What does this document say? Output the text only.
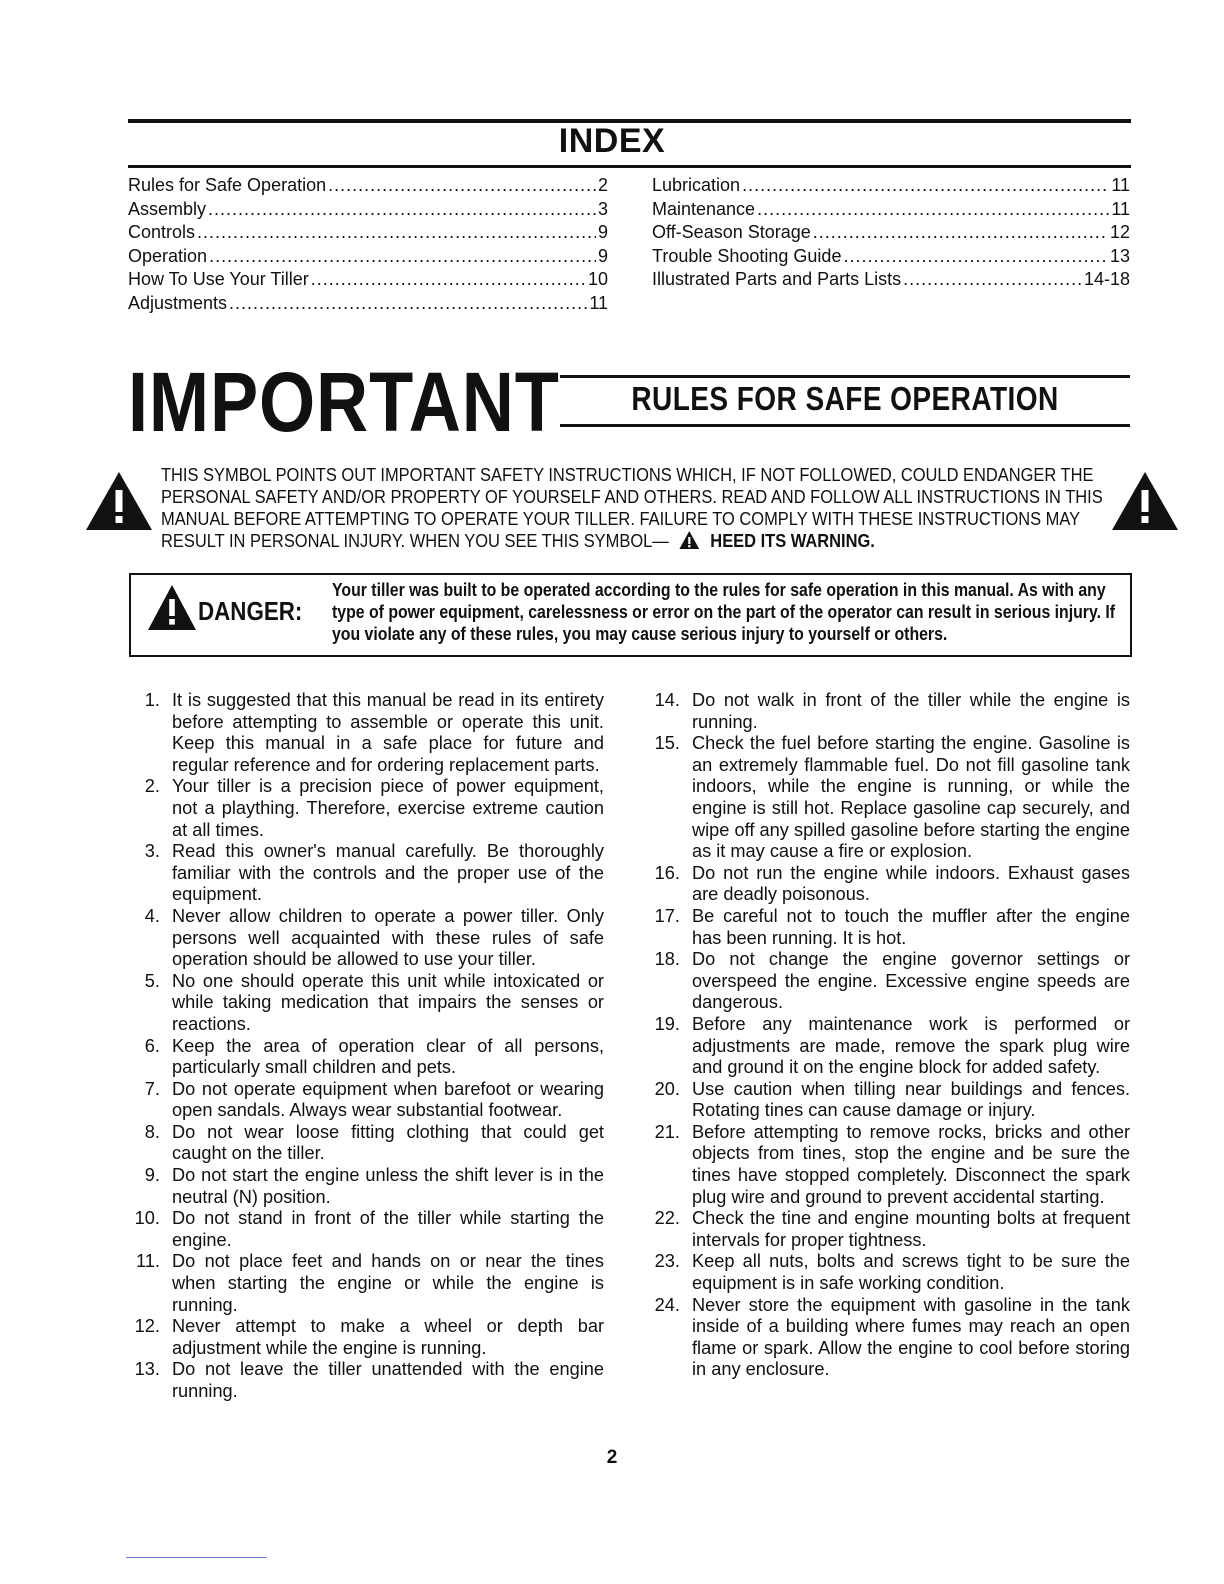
INDEX
Rules for Safe Operation .....	2
Assembly .....	3
Controls .....	9
Operation .....	9
How To Use Your Tiller .....	10
Adjustments .....	11
Lubrication .....	11
Maintenance .....	11
Off-Season Storage .....	12
Trouble Shooting Guide .....	13
Illustrated Parts and Parts Lists .....	14-18
IMPORTANT	RULES FOR SAFE OPERATION
THIS SYMBOL POINTS OUT IMPORTANT SAFETY INSTRUCTIONS WHICH, IF NOT FOLLOWED, COULD ENDANGER THE PERSONAL SAFETY AND/OR PROPERTY OF YOURSELF AND OTHERS. READ AND FOLLOW ALL INSTRUCTIONS IN THIS MANUAL BEFORE ATTEMPTING TO OPERATE YOUR TILLER. FAILURE TO COMPLY WITH THESE INSTRUCTIONS MAY RESULT IN PERSONAL INJURY. WHEN YOU SEE THIS SYMBOL— HEED ITS WARNING.
DANGER:
Your tiller was built to be operated according to the rules for safe operation in this manual. As with any type of power equipment, carelessness or error on the part of the operator can result in serious injury. If you violate any of these rules, you may cause serious injury to yourself or others.
1. It is suggested that this manual be read in its entirety before attempting to assemble or operate this unit. Keep this manual in a safe place for future and regular reference and for ordering replacement parts.
2. Your tiller is a precision piece of power equipment, not a plaything. Therefore, exercise extreme caution at all times.
3. Read this owner's manual carefully. Be thoroughly familiar with the controls and the proper use of the equipment.
4. Never allow children to operate a power tiller. Only persons well acquainted with these rules of safe operation should be allowed to use your tiller.
5. No one should operate this unit while intoxicated or while taking medication that impairs the senses or reactions.
6. Keep the area of operation clear of all persons, particularly small children and pets.
7. Do not operate equipment when barefoot or wearing open sandals. Always wear substantial footwear.
8. Do not wear loose fitting clothing that could get caught on the tiller.
9. Do not start the engine unless the shift lever is in the neutral (N) position.
10. Do not stand in front of the tiller while starting the engine.
11. Do not place feet and hands on or near the tines when starting the engine or while the engine is running.
12. Never attempt to make a wheel or depth bar adjustment while the engine is running.
13. Do not leave the tiller unattended with the engine running.
14. Do not walk in front of the tiller while the engine is running.
15. Check the fuel before starting the engine. Gasoline is an extremely flammable fuel. Do not fill gasoline tank indoors, while the engine is running, or while the engine is still hot. Replace gasoline cap securely, and wipe off any spilled gasoline before starting the engine as it may cause a fire or explosion.
16. Do not run the engine while indoors. Exhaust gases are deadly poisonous.
17. Be careful not to touch the muffler after the engine has been running. It is hot.
18. Do not change the engine governor settings or overspeed the engine. Excessive engine speeds are dangerous.
19. Before any maintenance work is performed or adjustments are made, remove the spark plug wire and ground it on the engine block for added safety.
20. Use caution when tilling near buildings and fences. Rotating tines can cause damage or injury.
21. Before attempting to remove rocks, bricks and other objects from tines, stop the engine and be sure the tines have stopped completely. Disconnect the spark plug wire and ground to prevent accidental starting.
22. Check the tine and engine mounting bolts at frequent intervals for proper tightness.
23. Keep all nuts, bolts and screws tight to be sure the equipment is in safe working condition.
24. Never store the equipment with gasoline in the tank inside of a building where fumes may reach an open flame or spark. Allow the engine to cool before storing in any enclosure.
2
